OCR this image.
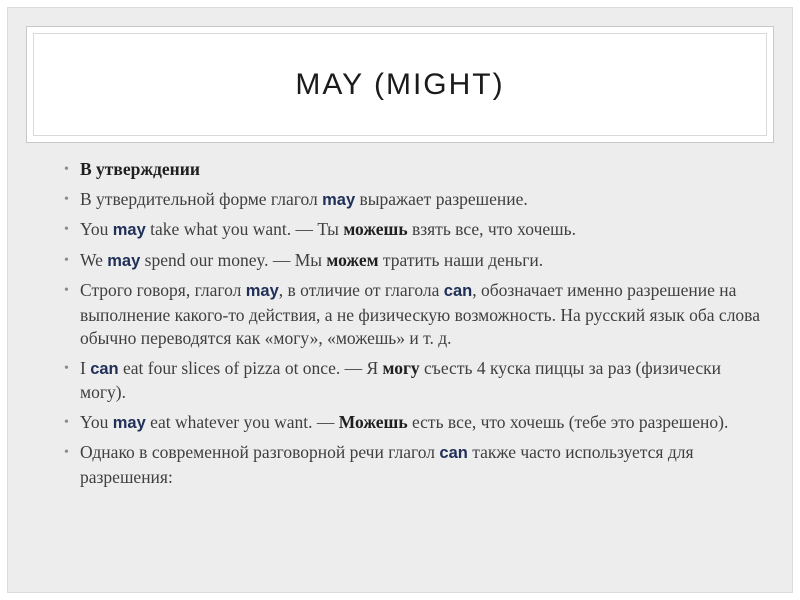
MAY (MIGHT)
• В утверждении
• В утвердительной форме глагол may выражает разрешение.
• You may take what you want. — Ты можешь взять все, что хочешь.
• We may spend our money. — Мы можем тратить наши деньги.
• Строго говоря, глагол may, в отличие от глагола can, обозначает именно разрешение на выполнение какого-то действия, а не физическую возможность. На русский язык оба слова обычно переводятся как «могу», «можешь» и т. д.
• I can eat four slices of pizza ot once. — Я могу съесть 4 куска пиццы за раз (физически могу).
• You may eat whatever you want. — Можешь есть все, что хочешь (тебе это разрешено).
• Однако в современной разговорной речи глагол can также часто используется для разрешения:
